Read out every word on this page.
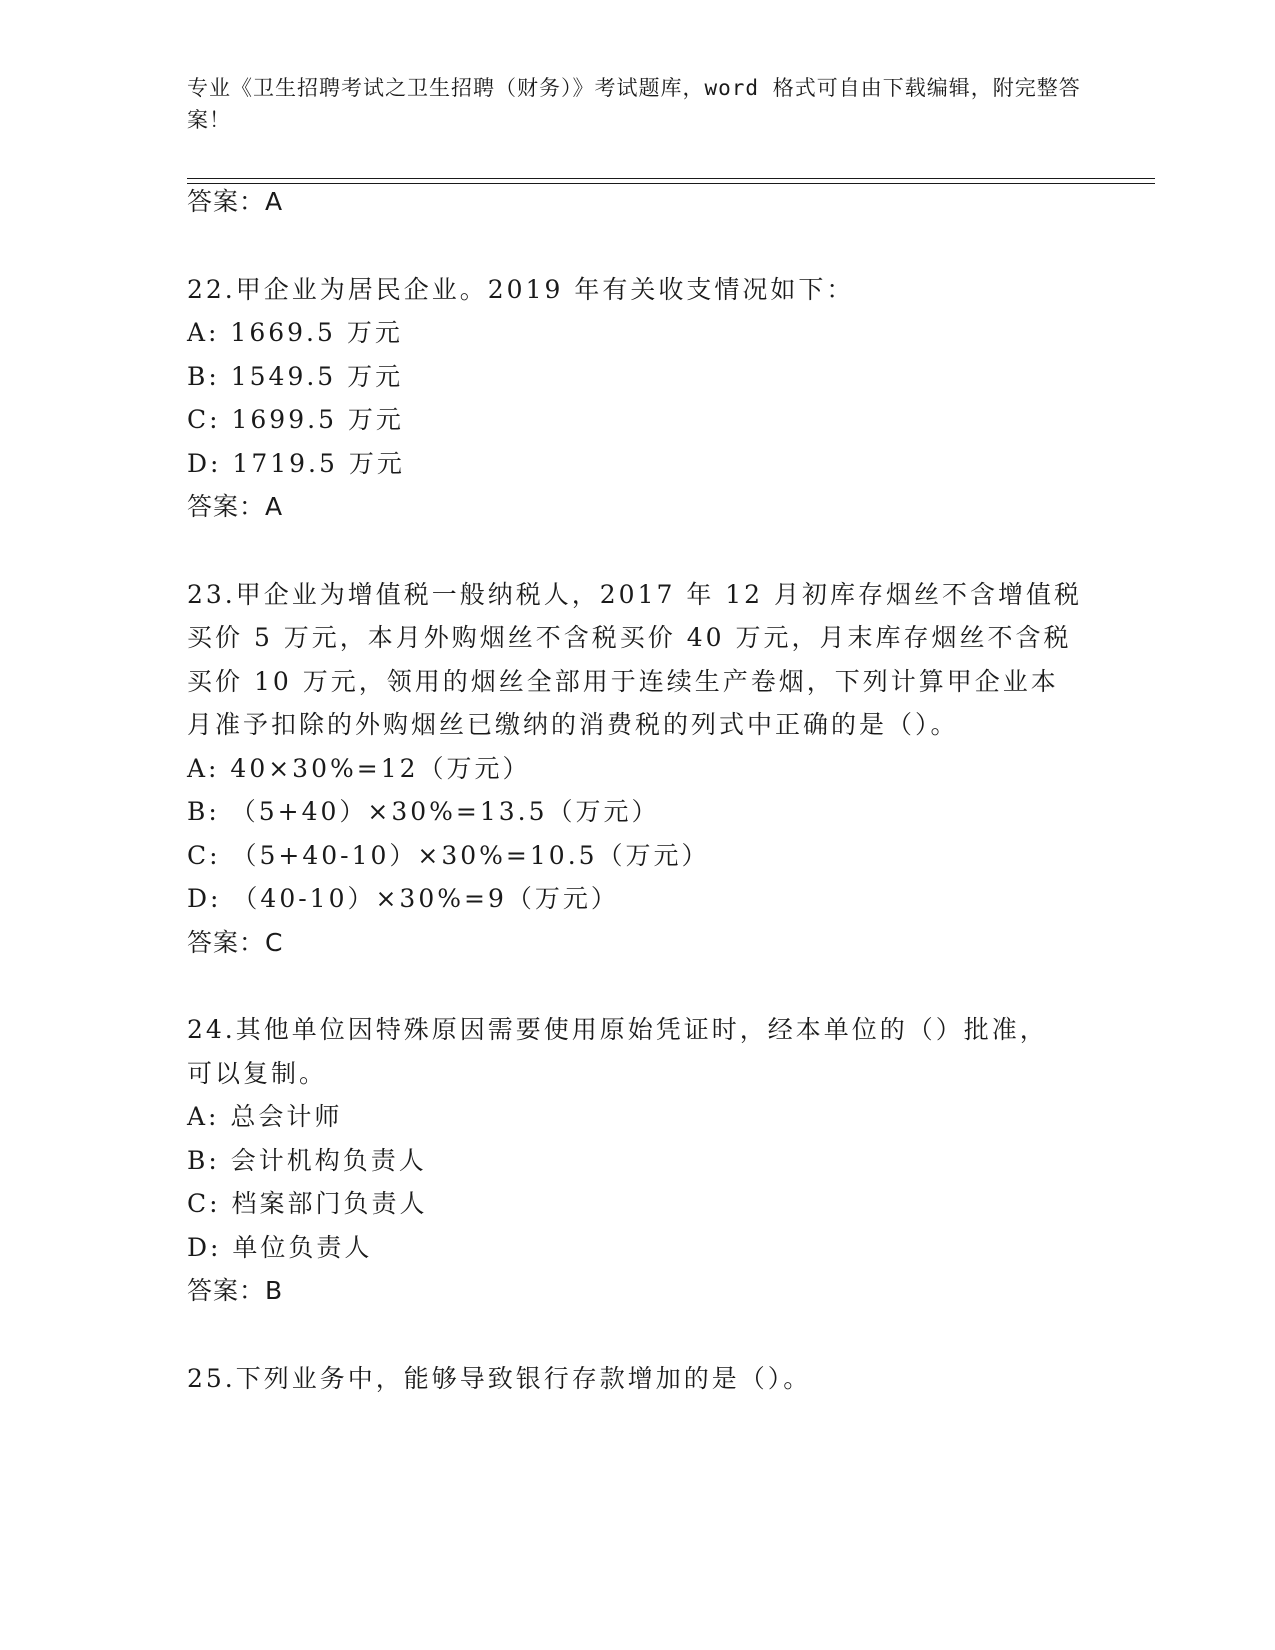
专业《卫生招聘考试之卫生招聘（财务）》考试题库，word 格式可自由下载编辑，附完整答案！
答案：A
22.甲企业为居民企业。2019 年有关收支情况如下：
A: 1669.5 万元
B: 1549.5 万元
C: 1699.5 万元
D: 1719.5 万元
答案：A
23.甲企业为增值税一般纳税人，2017 年 12 月初库存烟丝不含增值税
买价 5 万元，本月外购烟丝不含税买价 40 万元，月末库存烟丝不含税
买价 10 万元，领用的烟丝全部用于连续生产卷烟，下列计算甲企业本
月准予扣除的外购烟丝已缴纳的消费税的列式中正确的是（）。
A: 40×30%=12（万元）
B: （5+40）×30%=13.5（万元）
C: （5+40-10）×30%=10.5（万元）
D: （40-10）×30%=9（万元）
答案：C
24.其他单位因特殊原因需要使用原始凭证时，经本单位的（）批准，
可以复制。
A: 总会计师
B: 会计机构负责人
C: 档案部门负责人
D: 单位负责人
答案：B
25.下列业务中，能够导致银行存款增加的是（）。
